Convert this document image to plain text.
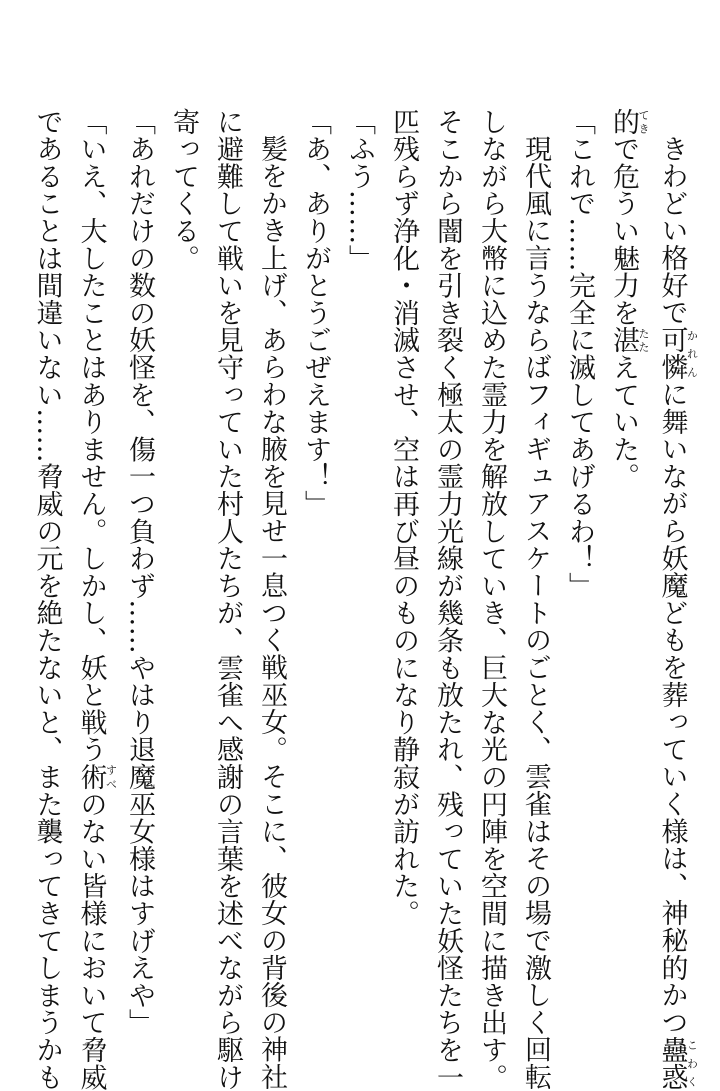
きわどい格好で可憐かれんに舞いながら妖魔どもを葬っていく様は、神秘的かつ蠱惑こわく

的てきで危うい魅力を湛たたえていた。

「これで……完全に滅してあげるわ！」

現代風に言うならばフィギュアスケートのごとく、雲雀はその場で激しく回転

しながら大幣に込めた霊力を解放していき、巨大な光の円陣を空間に描き出す。

そこから闇を引き裂く極太の霊力光線が幾条も放たれ、残っていた妖怪たちを一

匹残らず浄化・消滅させ、空は再び昼のものになり静寂が訪れた。

「ふう……」

「あ、ありがとうごぜえます！」

髪をかき上げ、あらわな腋を見せ一息つく戦巫女。そこに、彼女の背後の神社

に避難して戦いを見守っていた村人たちが、雲雀へ感謝の言葉を述べながら駆け

寄ってくる。

「あれだけの数の妖怪を、傷一つ負わず……やはり退魔巫女様はすげえや」

「いえ、大したことはありません。しかし、妖と戦う術すべのない皆様において脅威

であることは間違いない……脅威の元を絶たないと、また襲ってきてしまうかも
